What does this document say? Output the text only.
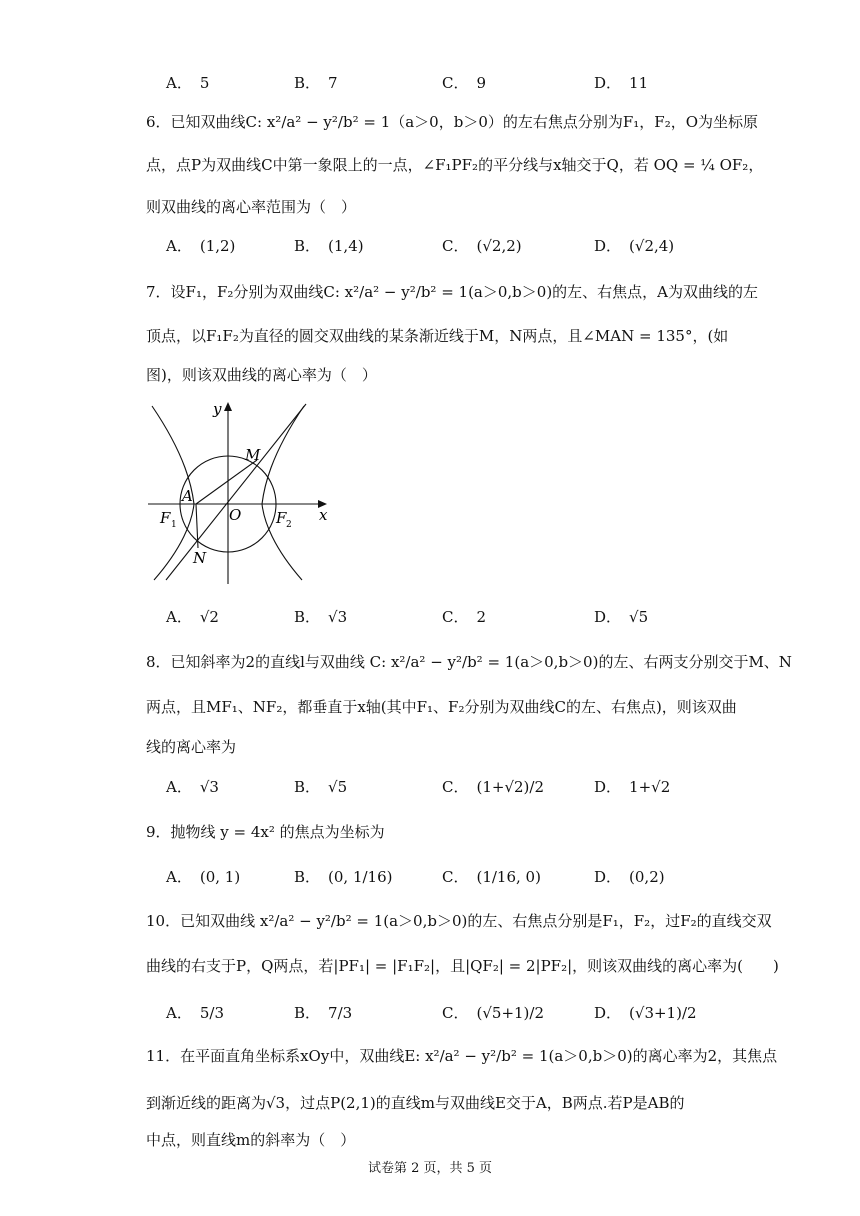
A． 5	B． 7	C． 9	D． 11
6．已知双曲线C: x²/a² − y²/b² = 1（a＞0，b＞0）的左右焦点分别为F₁，F₂，O为坐标原
点，点P为双曲线C中第一象限上的一点，∠F₁PF₂的平分线与x轴交于Q，若 OQ = ¼ OF₂，
则双曲线的离心率范围为（　）
A． (1,2)	B． (1,4)	C． (√2,2)	D． (√2,4)
7．设F₁，F₂分别为双曲线C: x²/a² − y²/b² = 1(a＞0,b＞0)的左、右焦点，A为双曲线的左
顶点，以F₁F₂为直径的圆交双曲线的某条渐近线于M，N两点，且∠MAN = 135°，(如
图)，则该双曲线的离心率为（　）
y
x
M
A
F 1
O F 2
N
A． √2	B． √3	C． 2	D． √5
8．已知斜率为2的直线l与双曲线 C: x²/a² − y²/b² = 1(a＞0,b＞0)的左、右两支分别交于M、N
两点，且MF₁、NF₂，都垂直于x轴(其中F₁、F₂分别为双曲线C的左、右焦点)，则该双曲
线的离心率为
A． √3	B． √5	C． (1+√2)/2	D． 1+√2
9．抛物线 y = 4x² 的焦点为坐标为
A． (0, 1)	B． (0, 1/16)	C． (1/16, 0)	D． (0,2)
10．已知双曲线 x²/a² − y²/b² = 1(a＞0,b＞0)的左、右焦点分别是F₁，F₂，过F₂的直线交双
曲线的右支于P，Q两点，若|PF₁| = |F₁F₂|，且|QF₂| = 2|PF₂|，则该双曲线的离心率为(　　)
A． 5/3	B． 7/3	C． (√5+1)/2	D． (√3+1)/2
11．在平面直角坐标系xOy中，双曲线E: x²/a² − y²/b² = 1(a＞0,b＞0)的离心率为2，其焦点
到渐近线的距离为√3，过点P(2,1)的直线m与双曲线E交于A，B两点.若P是AB的
中点，则直线m的斜率为（　）
试卷第 2 页，共 5 页
